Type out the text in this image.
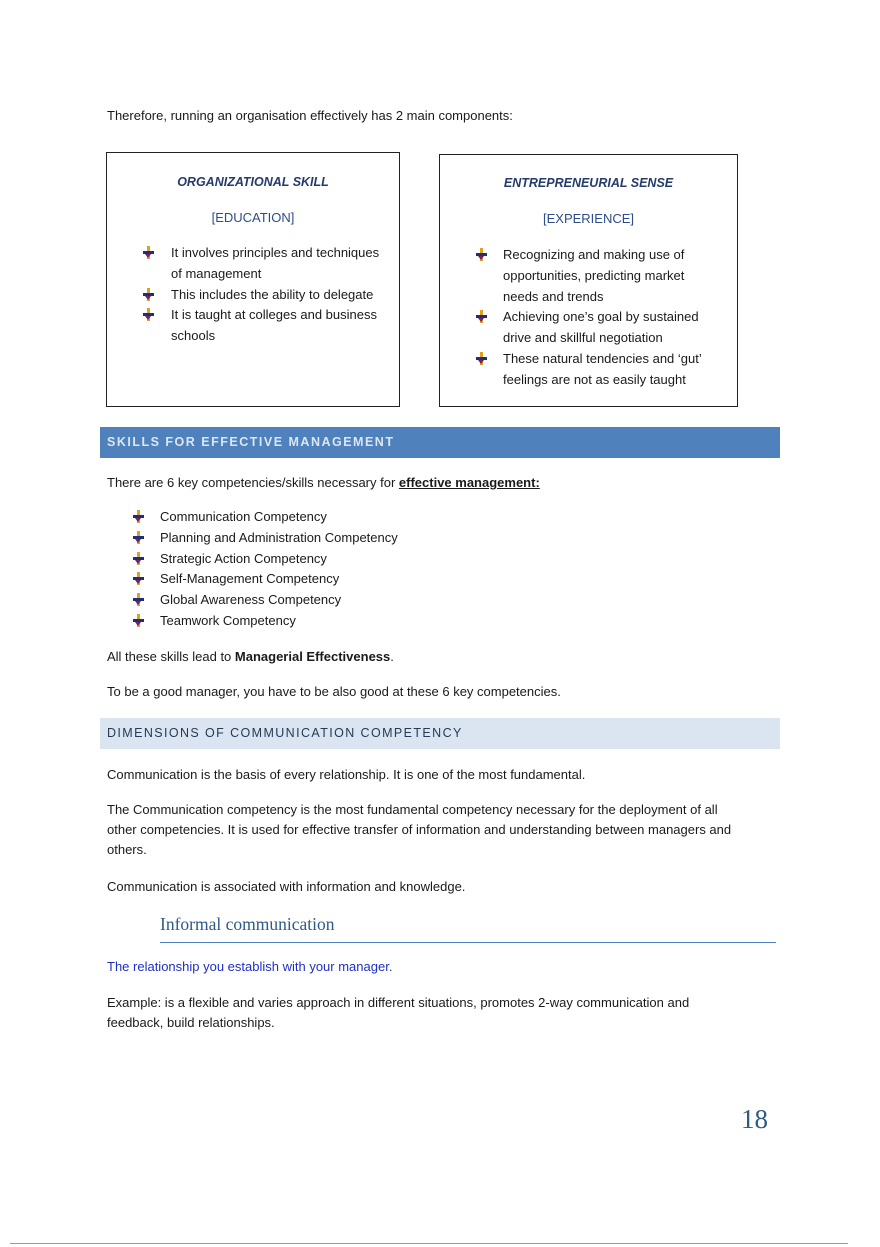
Therefore, running an organisation effectively has 2 main components:

ORGANIZATIONAL SKILL
[EDUCATION]
It involves principles and techniques of management
This includes the ability to delegate
It is taught at colleges and business schools
ENTREPRENEURIAL SENSE
[EXPERIENCE]
Recognizing and making use of opportunities, predicting market needs and trends
Achieving one’s goal by sustained drive and skillful negotiation
These natural tendencies and ‘gut’ feelings are not as easily taught
SKILLS FOR EFFECTIVE MANAGEMENT

There are 6 key competencies/skills necessary for effective management:

Communication Competency
Planning and Administration Competency
Strategic Action Competency
Self-Management Competency
Global Awareness Competency
Teamwork Competency

All these skills lead to Managerial Effectiveness.

To be a good manager, you have to be also good at these 6 key competencies.

DIMENSIONS OF COMMUNICATION COMPETENCY

Communication is the basis of every relationship. It is one of the most fundamental.

The Communication competency is the most fundamental competency necessary for the deployment of all
other competencies. It is used for effective transfer of information and understanding between managers and
others.

Communication is associated with information and knowledge.

Informal communication

The relationship you establish with your manager.

Example: is a flexible and varies approach in different situations, promotes 2-way communication and
feedback, build relationships.
18
